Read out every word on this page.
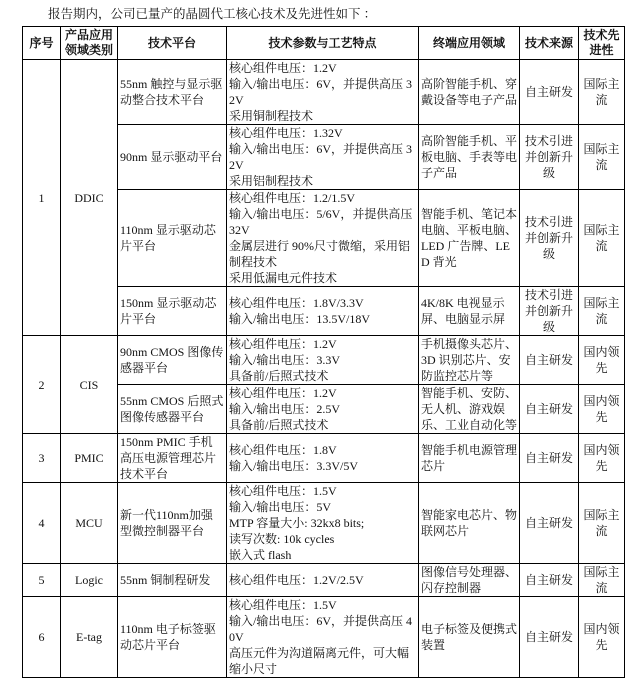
报告期内，公司已量产的晶圆代工核心技术及先进性如下 ：
序号	产品应用领域类别	技术平台	技术参数与工艺特点	终端应用领域	技术来源	技术先进性
1	DDIC	55nm 触控与显示驱动整合技术平台	核心组件电压：1.2V
输入/输出电压：6V，并提供高压 32V
采用铜制程技术	高阶智能手机、穿戴设备等电子产品	自主研发	国际主流
		90nm 显示驱动平台	核心组件电压：1.32V
输入/输出电压：6V，并提供高压 32V
采用铝制程技术	高阶智能手机、平板电脑、手表等电子产品	技术引进并创新升级	国际主流
		110nm 显示驱动芯片平台	核心组件电压：1.2/1.5V
输入/输出电压：5/6V，并提供高压 32V
金属层进行 90%尺寸微缩，采用铝制程技术
采用低漏电元件技术	智能手机、笔记本电脑、平板电脑、LED 广告牌、LED 背光	技术引进并创新升级	国际主流
		150nm 显示驱动芯片平台	核心组件电压：1.8V/3.3V
输入/输出电压：13.5V/18V	4K/8K 电视显示屏、电脑显示屏	技术引进并创新升级	国际主流
2	CIS	90nm CMOS 图像传感器平台	核心组件电压：1.2V
输入/输出电压：3.3V
具备前/后照式技术	手机摄像头芯片、3D 识别芯片、安防监控芯片等	自主研发	国内领先
		55nm CMOS 后照式图像传感器平台	核心组件电压：1.2V
输入/输出电压：2.5V
具备前/后照式技术	智能手机、安防、无人机、游戏娱乐、工业自动化等	自主研发	国内领先
3	PMIC	150nm PMIC 手机高压电源管理芯片技术平台	核心组件电压：1.8V
输入/输出电压：3.3V/5V	智能手机电源管理芯片	自主研发	国内领先
4	MCU	新一代110nm加强型微控制器平台	核心组件电压：1.5V
输入/输出电压：5V
MTP 容量大小: 32kx8 bits;
读写次数: 10k cycles
嵌入式 flash	智能家电芯片、物联网芯片	自主研发	国际主流
5	Logic	55nm 铜制程研发	核心组件电压：1.2V/2.5V	图像信号处理器、闪存控制器	自主研发	国际主流
6	E-tag	110nm 电子标签驱动芯片平台	核心组件电压：1.5V
输入/输出电压：6V，并提供高压 40V
高压元件为沟道隔离元件，可大幅缩小尺寸	电子标签及便携式装置	自主研发	国内领先
